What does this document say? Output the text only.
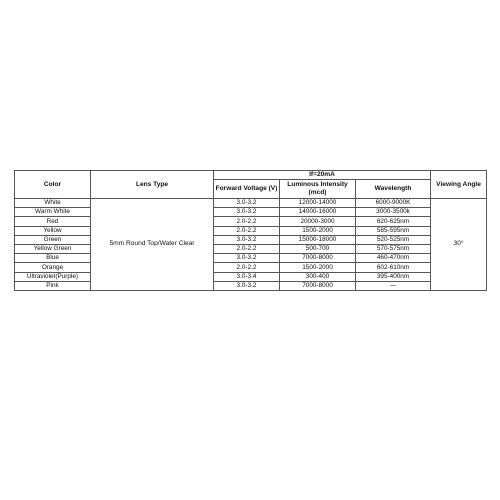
Color	Lens Type	If=20mA			Viewing Angle
		Forward Voltage (V)	Luminous Intensity (mcd)	Wavelength	
White	5mm Round Top/Water Clear	3.0-3.2	12000-14000	6000-9000K	30°
Warm White		3.0-3.2	14000-16000	3000-3500k	
Red		2.0-2.2	20000-3000	620-625nm	
Yellow		2.0-2.2	1500-2000	585-595nm	
Green		3.0-3.2	15000-18000	520-525nm	
Yellow Green		2.0-2.2	500-700	570-575nm	
Blue		3.0-3.2	7000-8000	460-470nm	
Orange		2.0-2.2	1500-2000	602-610nm	
Ultraviolet(Purple)		3.0-3.4	300-400	395-400nm	
Pink		3.0-3.2	7000-8000	—	
